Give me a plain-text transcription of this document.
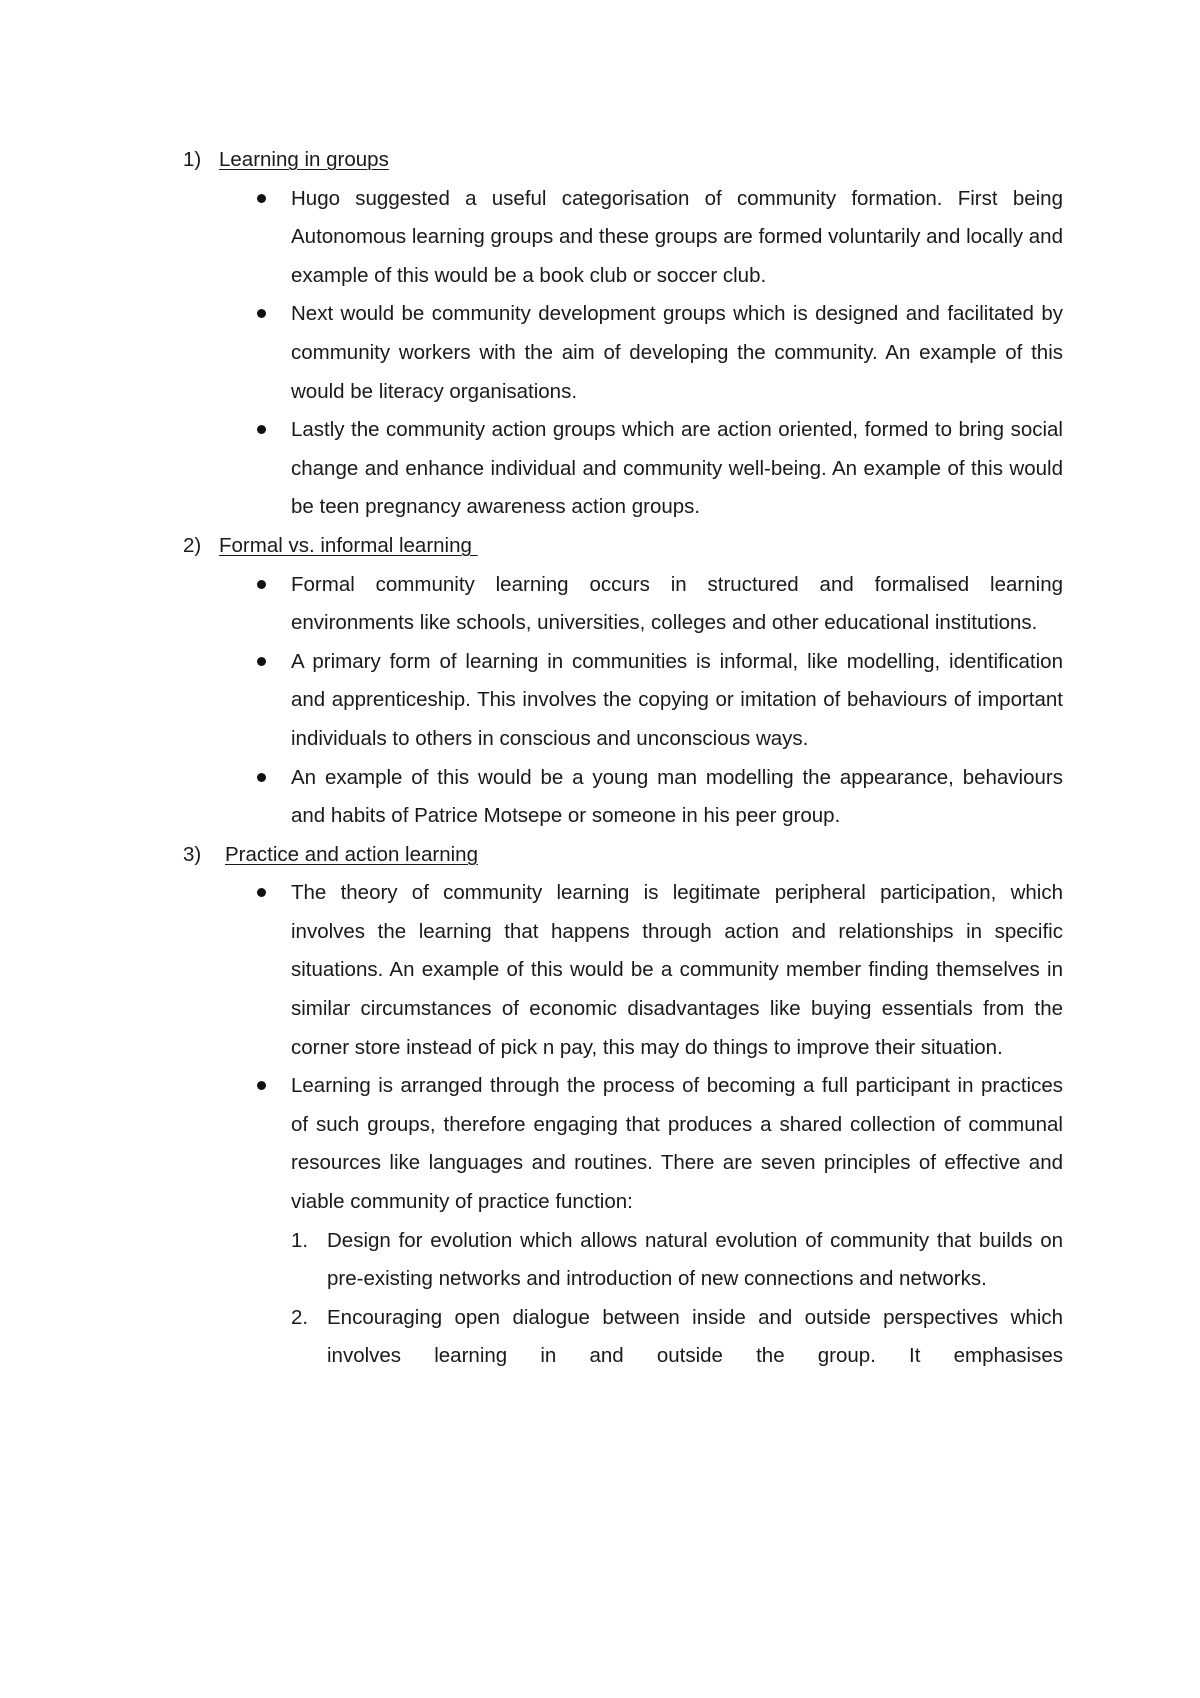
1) Learning in groups
Hugo suggested a useful categorisation of community formation. First being Autonomous learning groups and these groups are formed voluntarily and locally and example of this would be a book club or soccer club.
Next would be community development groups which is designed and facilitated by community workers with the aim of developing the community. An example of this would be literacy organisations.
Lastly the community action groups which are action oriented, formed to bring social change and enhance individual and community well-being. An example of this would be teen pregnancy awareness action groups.
2) Formal vs. informal learning
Formal community learning occurs in structured and formalised learning environments like schools, universities, colleges and other educational institutions.
A primary form of learning in communities is informal, like modelling, identification and apprenticeship. This involves the copying or imitation of behaviours of important individuals to others in conscious and unconscious ways.
An example of this would be a young man modelling the appearance, behaviours and habits of Patrice Motsepe or someone in his peer group.
3) Practice and action learning
The theory of community learning is legitimate peripheral participation, which involves the learning that happens through action and relationships in specific situations. An example of this would be a community member finding themselves in similar circumstances of economic disadvantages like buying essentials from the corner store instead of pick n pay, this may do things to improve their situation.
Learning is arranged through the process of becoming a full participant in practices of such groups, therefore engaging that produces a shared collection of communal resources like languages and routines. There are seven principles of effective and viable community of practice function:
1. Design for evolution which allows natural evolution of community that builds on pre-existing networks and introduction of new connections and networks.
2. Encouraging open dialogue between inside and outside perspectives which involves learning in and outside the group. It emphasises
